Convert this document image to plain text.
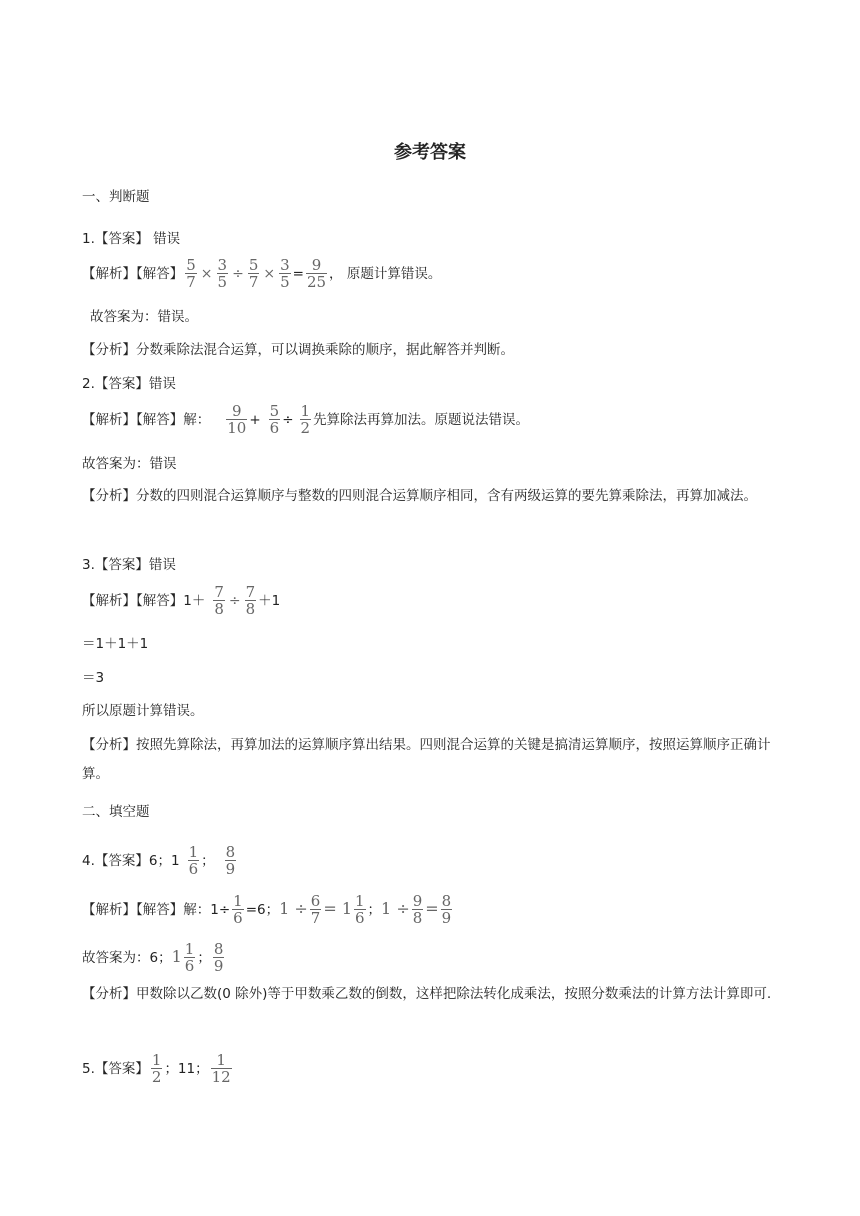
参考答案
一、判断题
1.【答案】 错误
【解析】【解答】 $\frac{5}{7} \times \frac{3}{5} \div \frac{5}{7} \times \frac{3}{5} = \frac{9}{25}$ ， 原题计算错误。
故答案为：错误。
【分析】分数乘除法混合运算，可以调换乘除的顺序，据此解答并判断。
2.【答案】错误
【解析】【解答】解： $\frac{9}{10} + \frac{5}{6} \div \frac{1}{2}$ 先算除法再算加法。原题说法错误。
故答案为：错误
【分析】分数的四则混合运算顺序与整数的四则混合运算顺序相同，含有两级运算的要先算乘除法，再算加减法。
3.【答案】错误
【解析】【解答】$1+ \frac{7}{8} \div \frac{7}{8} +1$
＝1＋1＋1
＝3
所以原题计算错误。
【分析】按照先算除法，再算加法的运算顺序算出结果。四则混合运算的关键是搞清运算顺序，按照运算顺序正确计算。
二、填空题
4.【答案】6；$1 \frac{1}{6}$ ； $\frac{8}{9}$
【解析】【解答】解：$1\div \frac{1}{6} =6$；$1 \div \frac{6}{7} = 1 \frac{1}{6}$ ；$1 \div \frac{9}{8} = \frac{8}{9}$
故答案为：6；$1 \frac{1}{6}$ ； $\frac{8}{9}$
【分析】甲数除以乙数(0 除外)等于甲数乘乙数的倒数，这样把除法转化成乘法，按照分数乘法的计算方法计算即可.
5.【答案】 $\frac{1}{2}$ ；11； $\frac{1}{12}$
